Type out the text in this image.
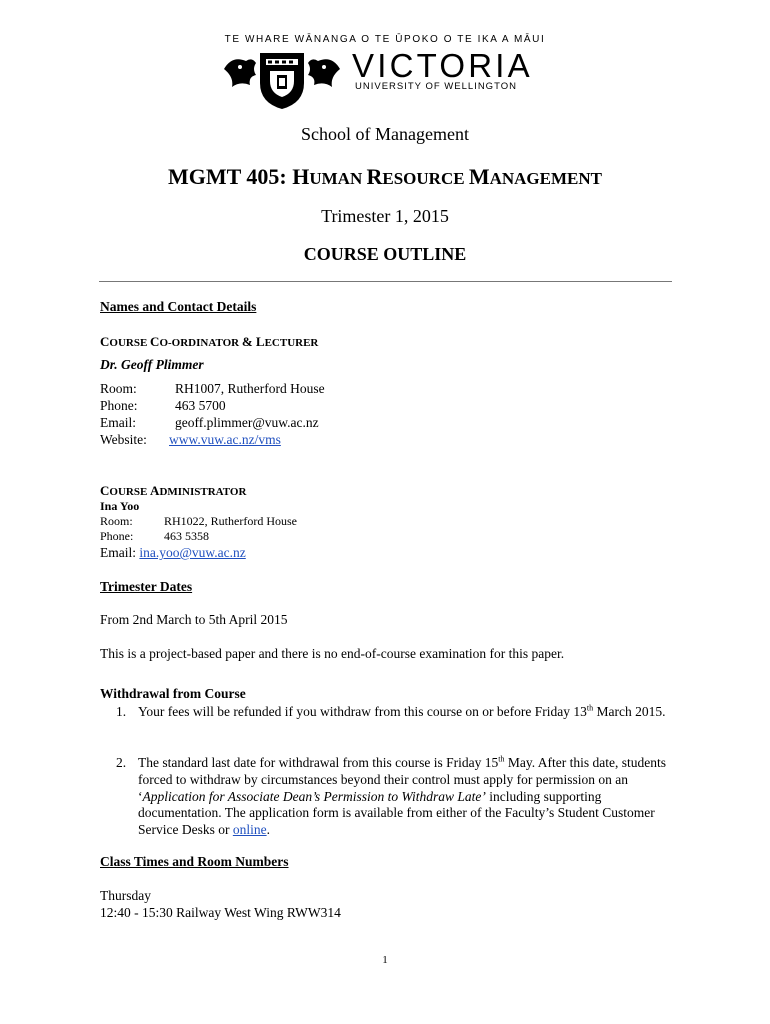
TE WHARE WĀNANGA O TE ŪPOKO O TE IKA A MĀUI
VICTORIA
UNIVERSITY OF WELLINGTON
School of Management
MGMT 405: HUMAN RESOURCE MANAGEMENT
Trimester 1, 2015
COURSE OUTLINE
Names and Contact Details
COURSE CO-ORDINATOR & LECTURER
Dr. Geoff Plimmer
Room:	RH1007, Rutherford House
Phone:	463 5700
Email:	geoff.plimmer@vuw.ac.nz
Website: www.vuw.ac.nz/vms
COURSE ADMINISTRATOR
Ina Yoo
Room:	RH1022, Rutherford House
Phone:	463 5358
Email: ina.yoo@vuw.ac.nz
Trimester Dates
From 2nd March to 5th April 2015
This is a project-based paper and there is no end-of-course examination for this paper.
Withdrawal from Course
1. Your fees will be refunded if you withdraw from this course on or before Friday 13th March 2015.
2. The standard last date for withdrawal from this course is Friday 15th May. After this date, students forced to withdraw by circumstances beyond their control must apply for permission on an ‘Application for Associate Dean’s Permission to Withdraw Late’ including supporting documentation. The application form is available from either of the Faculty’s Student Customer Service Desks or online.
Class Times and Room Numbers
Thursday
12:40 - 15:30 Railway West Wing RWW314
1
